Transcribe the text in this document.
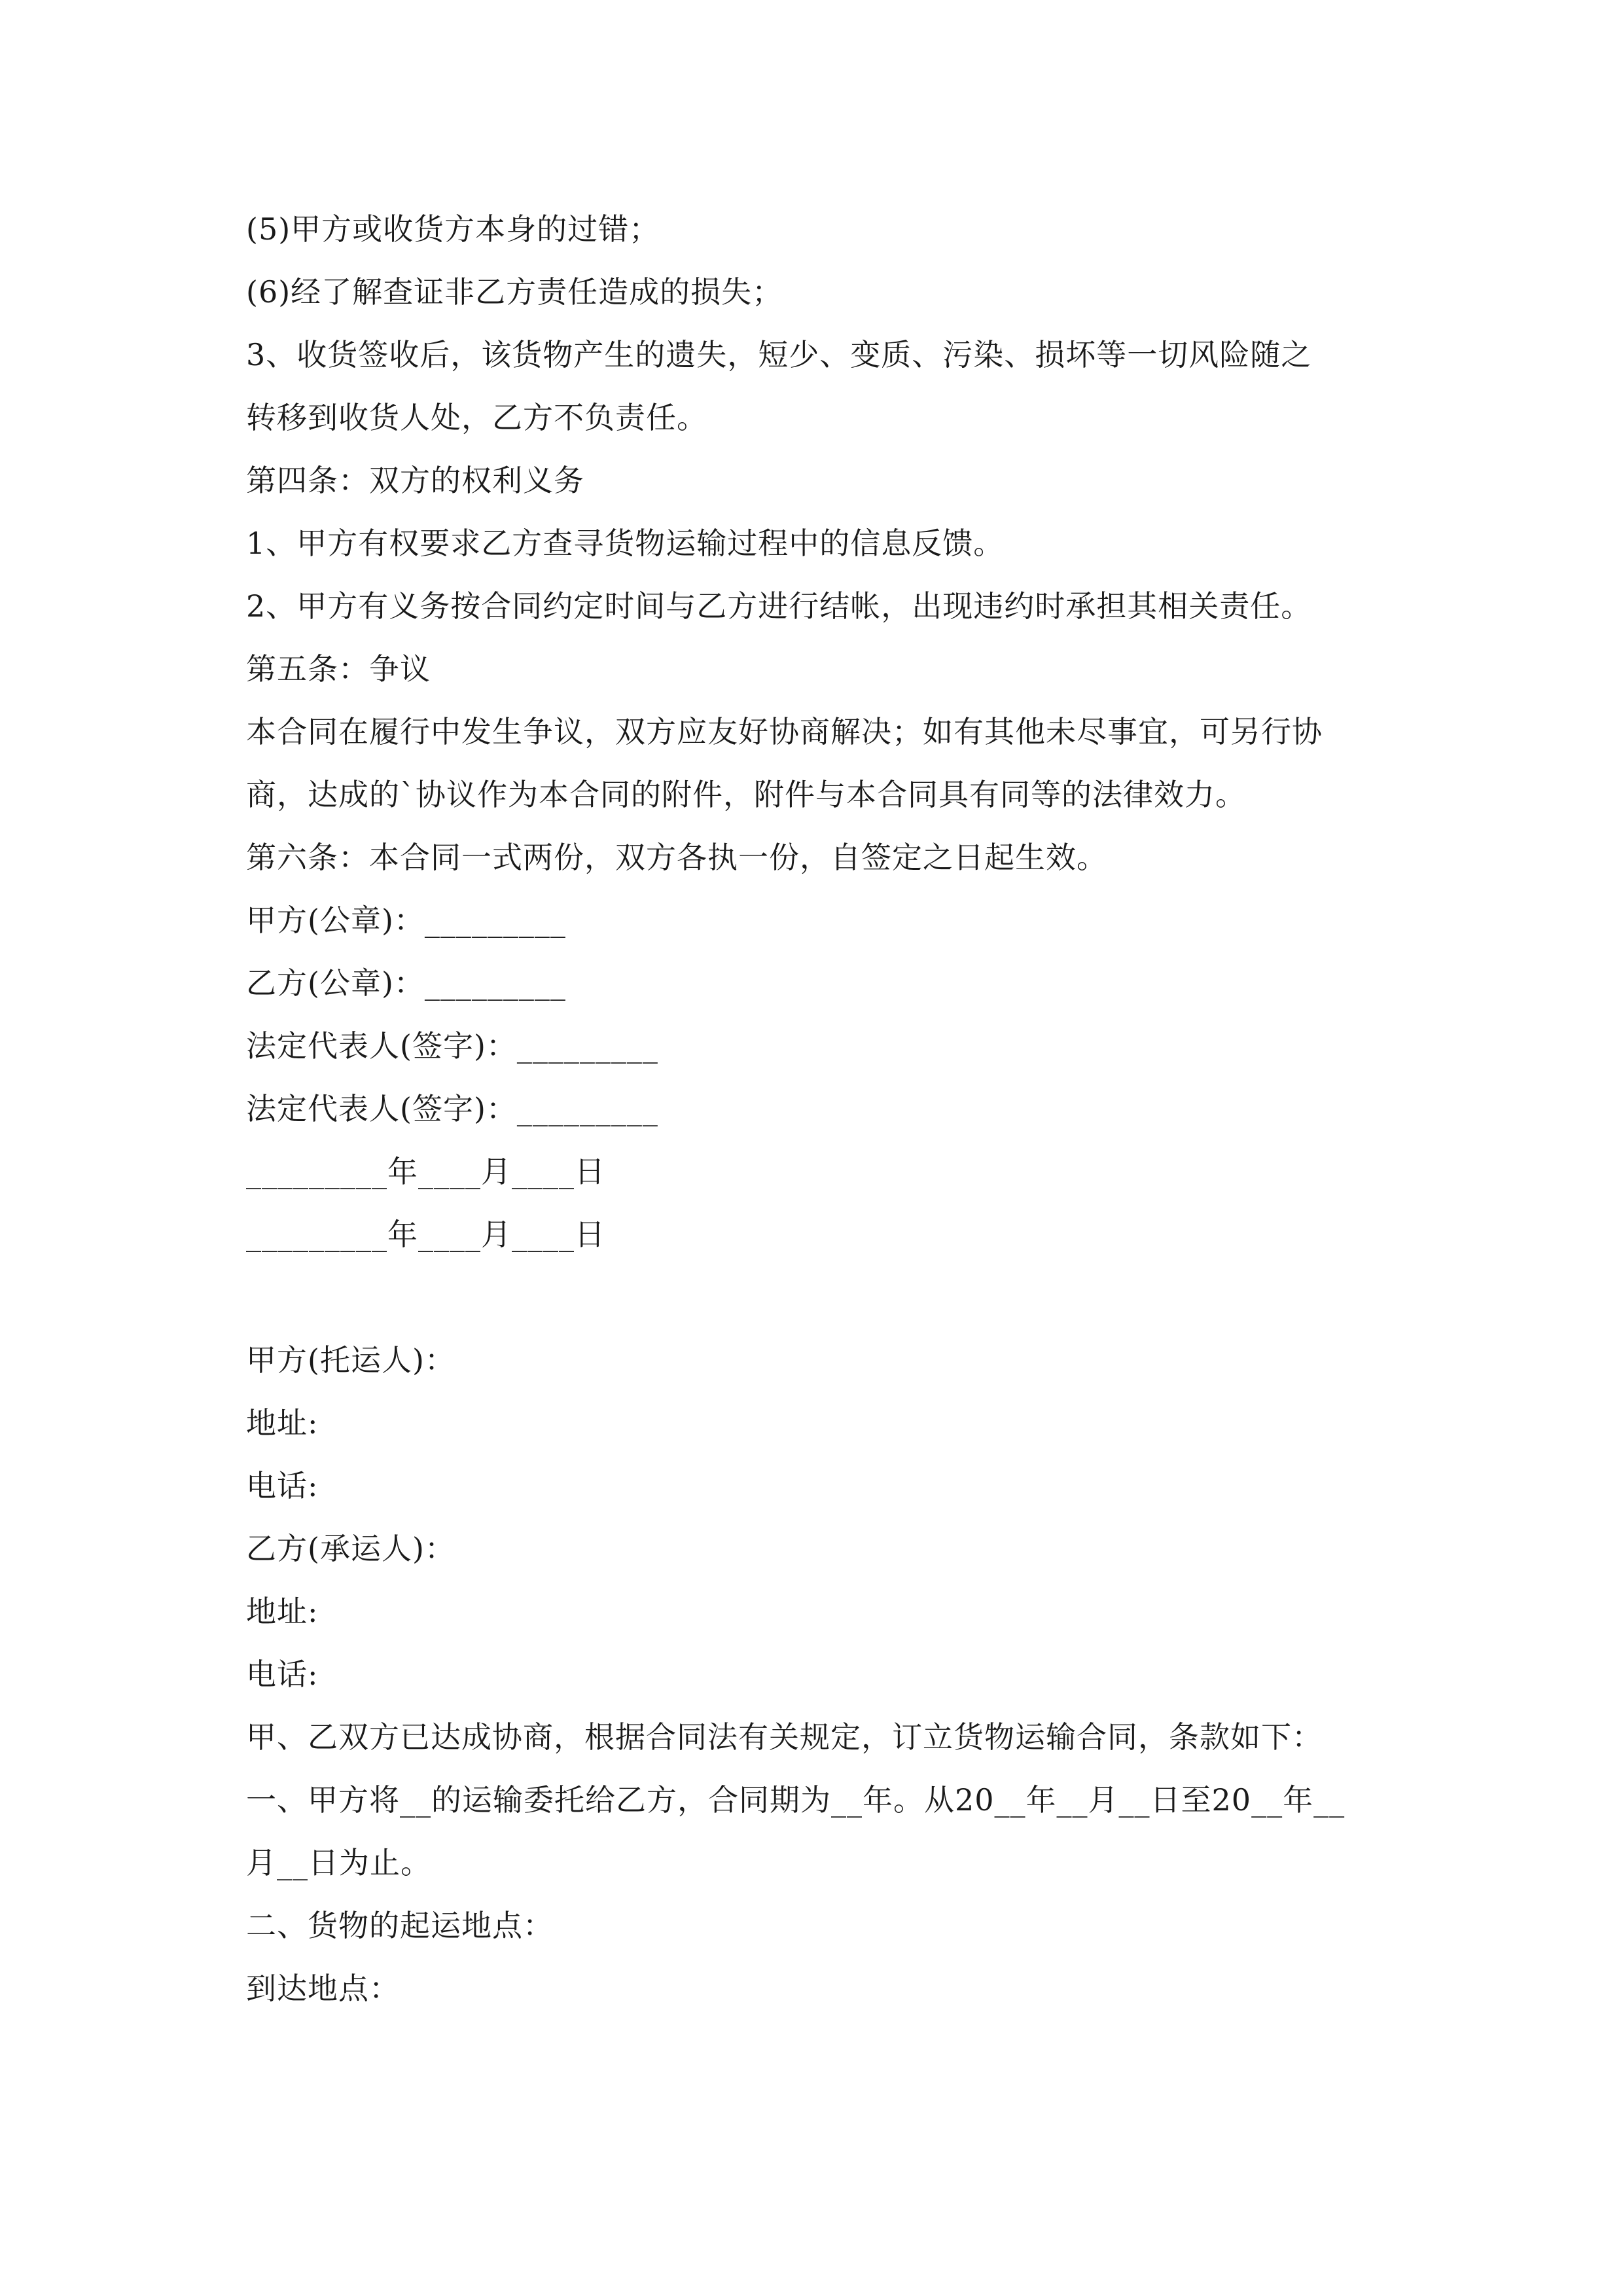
(5)甲方或收货方本身的过错；
(6)经了解查证非乙方责任造成的损失；
3、收货签收后，该货物产生的遗失，短少、变质、污染、损坏等一切风险随之
转移到收货人处，乙方不负责任。
第四条：双方的权利义务
1、甲方有权要求乙方查寻货物运输过程中的信息反馈。
2、甲方有义务按合同约定时间与乙方进行结帐，出现违约时承担其相关责任。
第五条：争议
本合同在履行中发生争议，双方应友好协商解决；如有其他未尽事宜，可另行协
商，达成的`协议作为本合同的附件，附件与本合同具有同等的法律效力。
第六条：本合同一式两份，双方各执一份，自签定之日起生效。
甲方(公章)：_________
乙方(公章)：_________
法定代表人(签字)：_________
法定代表人(签字)：_________
_________年____月____日
_________年____月____日
甲方(托运人)：
地址:
电话:
乙方(承运人)：
地址:
电话:
甲、乙双方已达成协商，根据合同法有关规定，订立货物运输合同，条款如下：
一、甲方将__的运输委托给乙方，合同期为__年。从20__年__月__日至20__年__
月__日为止。
二、货物的起运地点：
到达地点：
